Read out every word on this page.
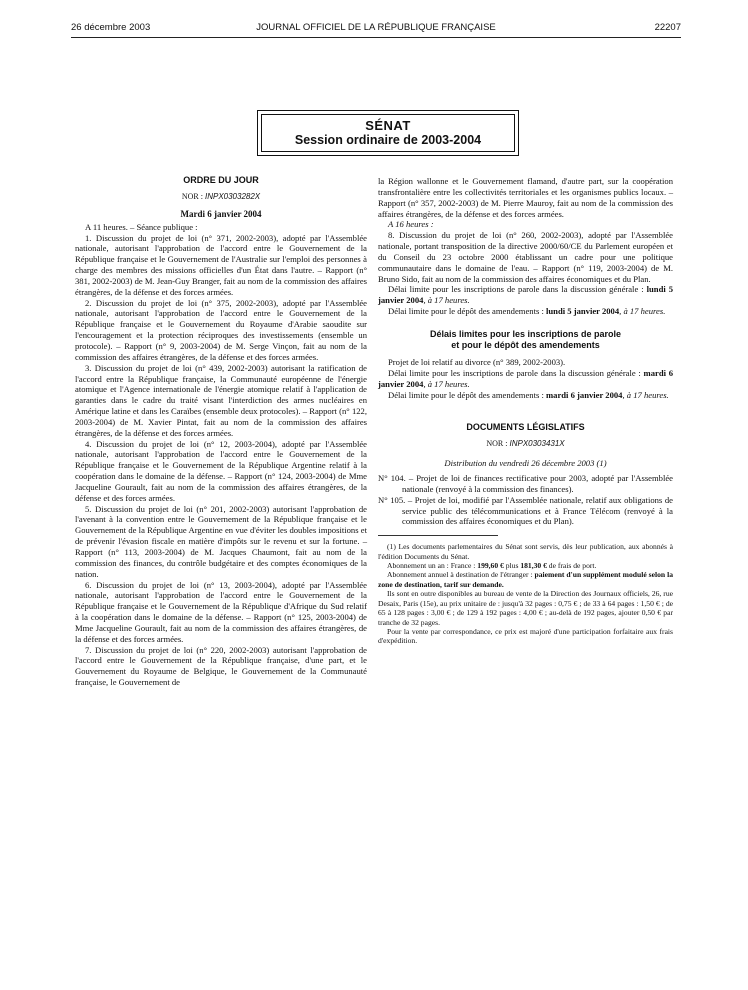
26 décembre 2003	JOURNAL OFFICIEL DE LA RÉPUBLIQUE FRANÇAISE	22207
SÉNAT
Session ordinaire de 2003-2004
ORDRE DU JOUR
NOR : INPX0303282X
Mardi 6 janvier 2004

A 11 heures. – Séance publique :

1. Discussion du projet de loi (n° 371, 2002-2003), adopté par l'Assemblée nationale, autorisant l'approbation de l'accord entre le Gouvernement de la République française et le Gouvernement de l'Australie sur l'emploi des personnes à charge des membres des missions officielles d'un État dans l'autre. – Rapport (n° 381, 2002-2003) de M. Jean-Guy Branger, fait au nom de la commission des affaires étrangères, de la défense et des forces armées.

2. Discussion du projet de loi (n° 375, 2002-2003), adopté par l'Assemblée nationale, autorisant l'approbation de l'accord entre le Gouvernement de la République française et le Gouvernement du Royaume d'Arabie saoudite sur l'encouragement et la protection réciproques des investissements (ensemble un protocole). – Rapport (n° 9, 2003-2004) de M. Serge Vinçon, fait au nom de la commission des affaires étrangères, de la défense et des forces armées.

3. Discussion du projet de loi (n° 439, 2002-2003) autorisant la ratification de l'accord entre la République française, la Communauté européenne de l'énergie atomique et l'Agence internationale de l'énergie atomique relatif à l'application de garanties dans le cadre du traité visant l'interdiction des armes nucléaires en Amérique latine et dans les Caraïbes (ensemble deux protocoles). – Rapport (n° 122, 2003-2004) de M. Xavier Pintat, fait au nom de la commission des affaires étrangères, de la défense et des forces armées.

4. Discussion du projet de loi (n° 12, 2003-2004), adopté par l'Assemblée nationale, autorisant l'approbation de l'accord entre le Gouvernement de la République française et le Gouvernement de la République Argentine relatif à la coopération dans le domaine de la défense. – Rapport (n° 124, 2003-2004) de Mme Jacqueline Gourault, fait au nom de la commission des affaires étrangères, de la défense et des forces armées.

5. Discussion du projet de loi (n° 201, 2002-2003) autorisant l'approbation de l'avenant à la convention entre le Gouvernement de la République française et le Gouvernement de la République Argentine en vue d'éviter les doubles impositions et de prévenir l'évasion fiscale en matière d'impôts sur le revenu et sur la fortune. – Rapport (n° 113, 2003-2004) de M. Jacques Chaumont, fait au nom de la commission des finances, du contrôle budgétaire et des comptes économiques de la nation.

6. Discussion du projet de loi (n° 13, 2003-2004), adopté par l'Assemblée nationale, autorisant l'approbation de l'accord entre le Gouvernement de la République française et le Gouvernement de la République d'Afrique du Sud relatif à la coopération dans le domaine de la défense. – Rapport (n° 125, 2003-2004) de Mme Jacqueline Gourault, fait au nom de la commission des affaires étrangères, de la défense et des forces armées.

7. Discussion du projet de loi (n° 220, 2002-2003) autorisant l'approbation de l'accord entre le Gouvernement de la République française, d'une part, et le Gouvernement du Royaume de Belgique, le Gouvernement de la Communauté française, le Gouvernement de

la Région wallonne et le Gouvernement flamand, d'autre part, sur la coopération transfrontalière entre les collectivités territoriales et les organismes publics locaux. – Rapport (n° 357, 2002-2003) de M. Pierre Mauroy, fait au nom de la commission des affaires étrangères, de la défense et des forces armées.

A 16 heures :

8. Discussion du projet de loi (n° 260, 2002-2003), adopté par l'Assemblée nationale, portant transposition de la directive 2000/60/CE du Parlement européen et du Conseil du 23 octobre 2000 établissant un cadre pour une politique communautaire dans le domaine de l'eau. – Rapport (n° 119, 2003-2004) de M. Bruno Sido, fait au nom de la commission des affaires économiques et du Plan.

Délai limite pour les inscriptions de parole dans la discussion générale : lundi 5 janvier 2004, à 17 heures.

Délai limite pour le dépôt des amendements : lundi 5 janvier 2004, à 17 heures.

Délais limites pour les inscriptions de parole
et pour le dépôt des amendements

Projet de loi relatif au divorce (n° 389, 2002-2003).

Délai limite pour les inscriptions de parole dans la discussion générale : mardi 6 janvier 2004, à 17 heures.

Délai limite pour le dépôt des amendements : mardi 6 janvier 2004, à 17 heures.

DOCUMENTS LÉGISLATIFS
NOR : INPX0303431X
Distribution du vendredi 26 décembre 2003 (1)

N° 104. – Projet de loi de finances rectificative pour 2003, adopté par l'Assemblée nationale (renvoyé à la commission des finances).

N° 105. – Projet de loi, modifié par l'Assemblée nationale, relatif aux obligations de service public des télécommunications et à France Télécom (renvoyé à la commission des affaires économiques et du Plan).

(1) Les documents parlementaires du Sénat sont servis, dès leur publication, aux abonnés à l'édition Documents du Sénat.

Abonnement un an : France : 199,60 € plus 181,30 € de frais de port.

Abonnement annuel à destination de l'étranger : paiement d'un supplément modulé selon la zone de destination, tarif sur demande.

Ils sont en outre disponibles au bureau de vente de la Direction des Journaux officiels, 26, rue Desaix, Paris (15e), au prix unitaire de : jusqu'à 32 pages : 0,75 € ; de 33 à 64 pages : 1,50 € ; de 65 à 128 pages : 3,00 € ; de 129 à 192 pages : 4,00 € ; au-delà de 192 pages, ajouter 0,50 € par tranche de 32 pages.

Pour la vente par correspondance, ce prix est majoré d'une participation forfaitaire aux frais d'expédition.
